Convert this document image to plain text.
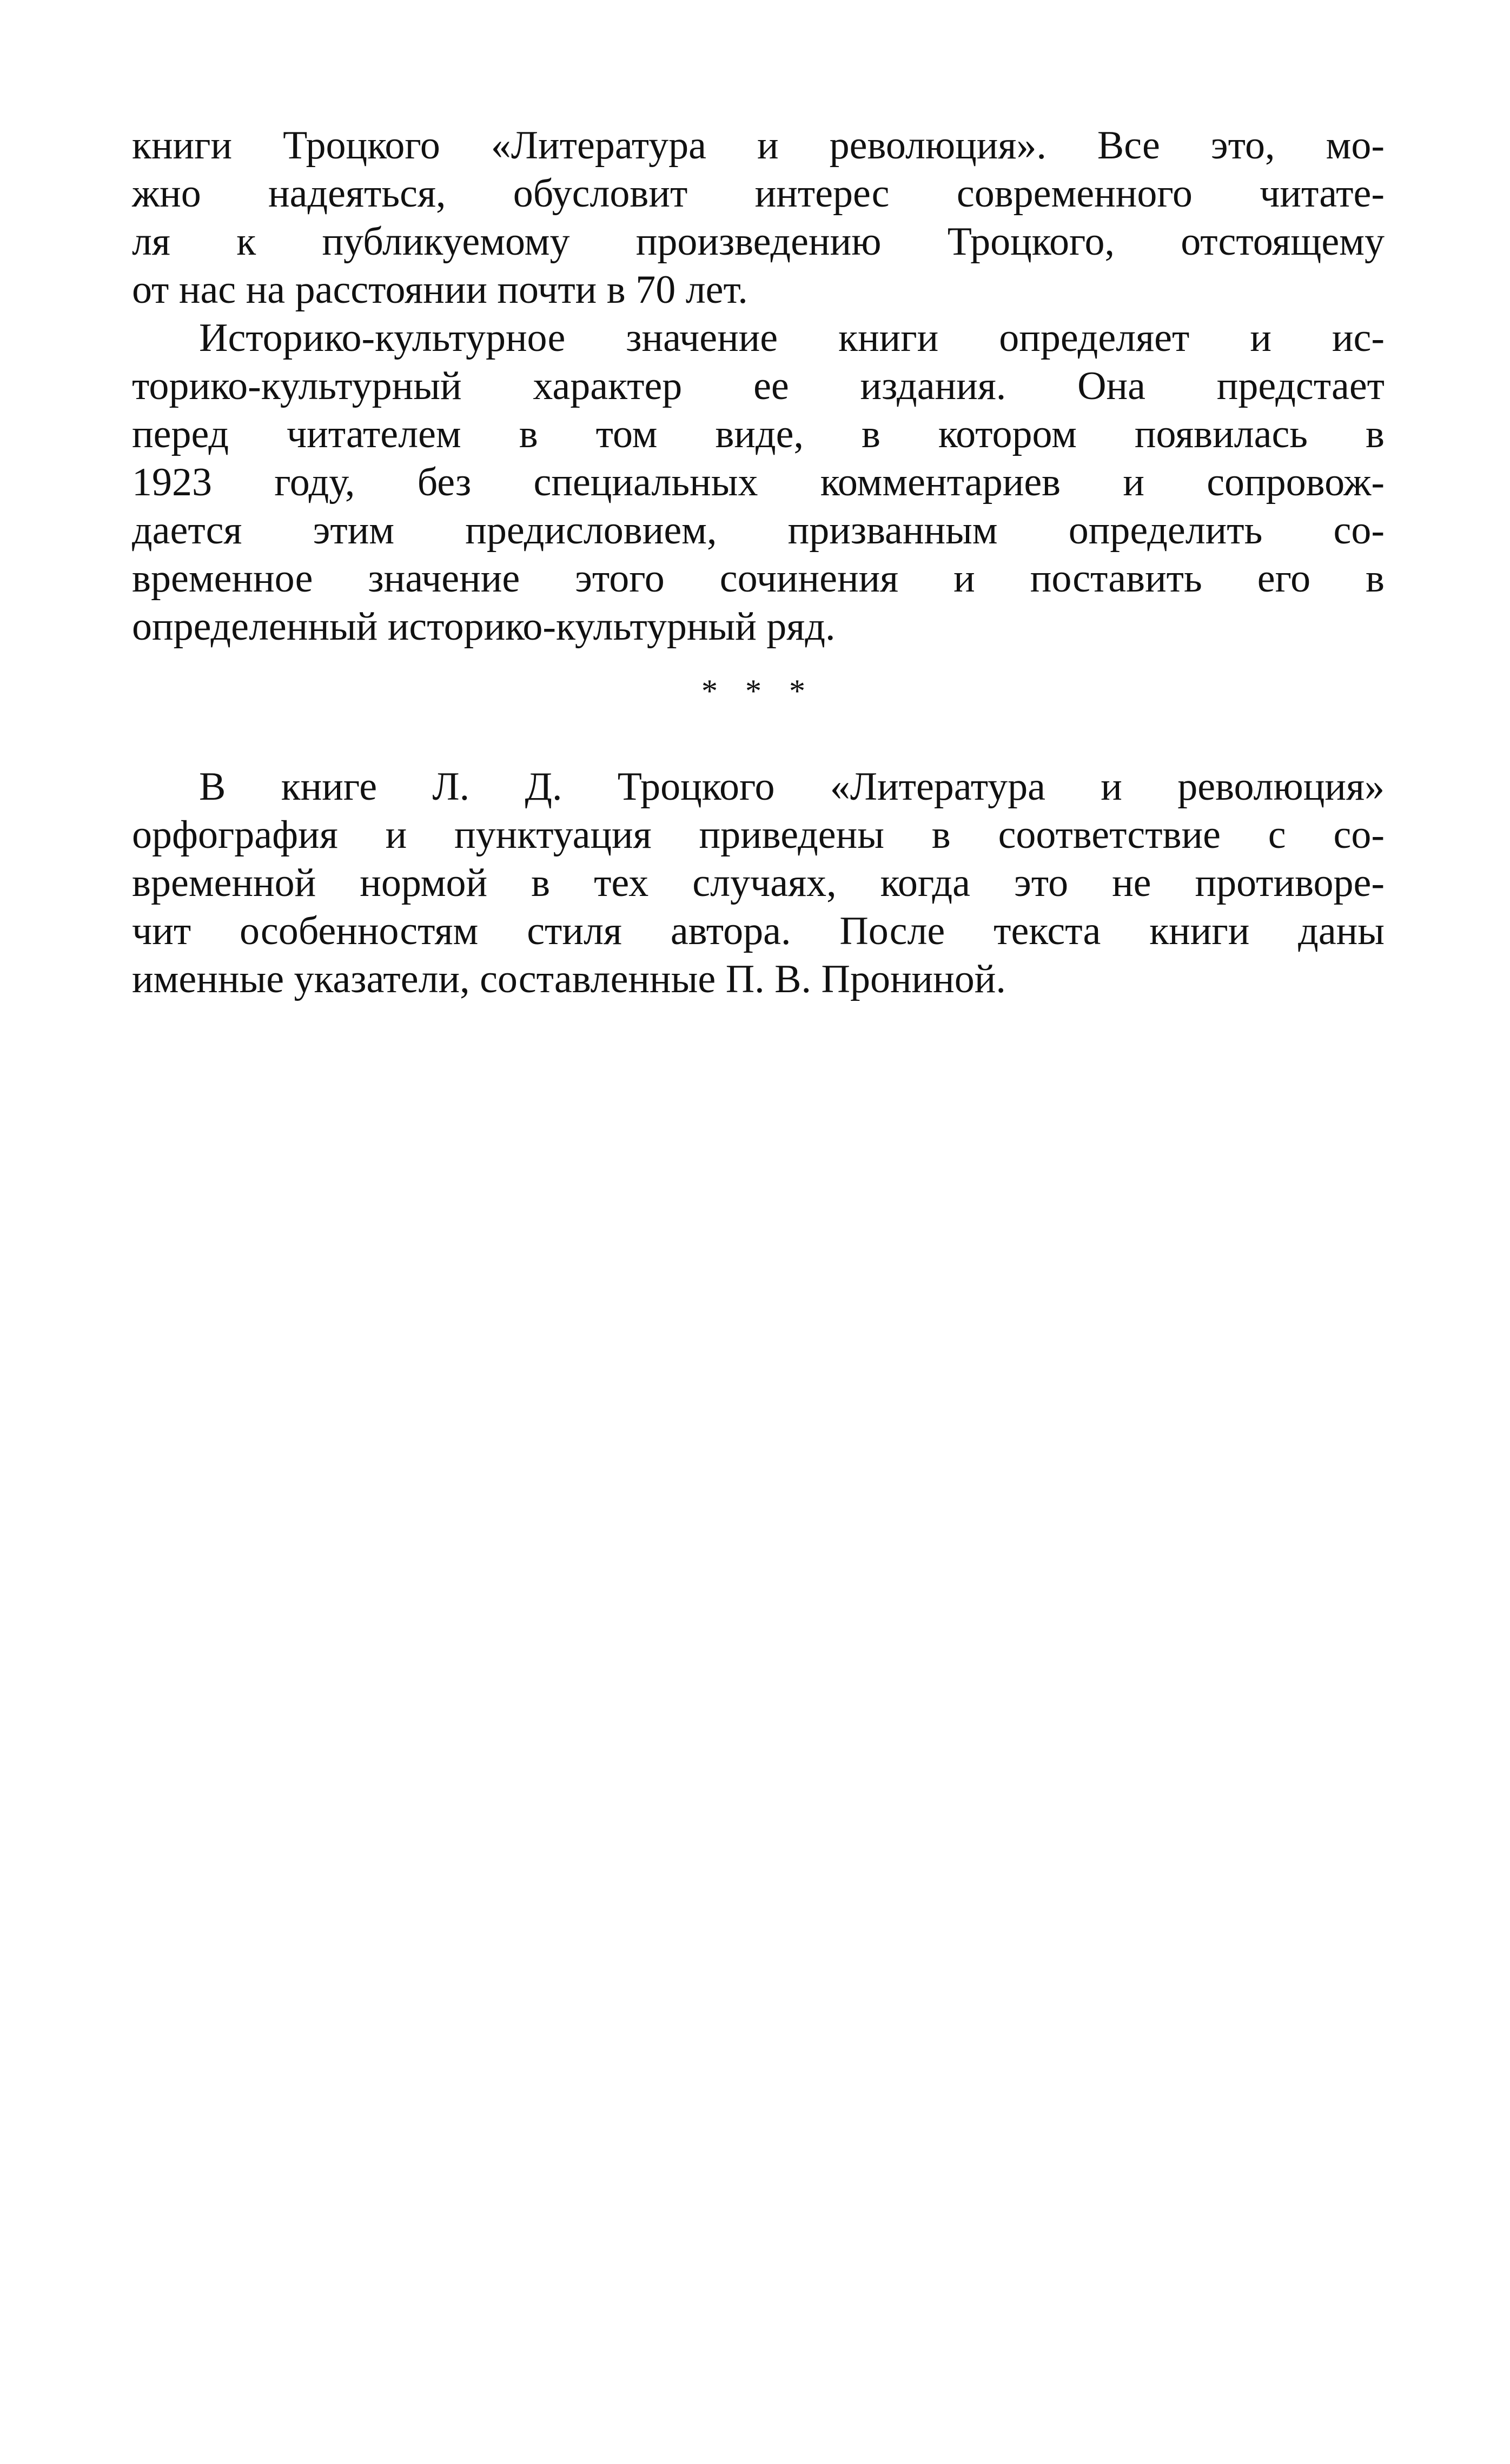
книги Троцкого «Литература и революция». Все это, мо-
жно надеяться, обусловит интерес современного читате-
ля к публикуемому произведению Троцкого, отстоящему
от нас на расстоянии почти в 70 лет.

Историко-культурное значение книги определяет и ис-
торико-культурный характер ее издания. Она предстает
перед читателем в том виде, в котором появилась в
1923 году, без специальных комментариев и сопровож-
дается этим предисловием, призванным определить со-
временное значение этого сочинения и поставить его в
определенный историко-культурный ряд.

* * *

В книге Л. Д. Троцкого «Литература и революция»
орфография и пунктуация приведены в соответствие с со-
временной нормой в тех случаях, когда это не противоре-
чит особенностям стиля автора. После текста книги даны
именные указатели, составленные П. В. Прониной.
